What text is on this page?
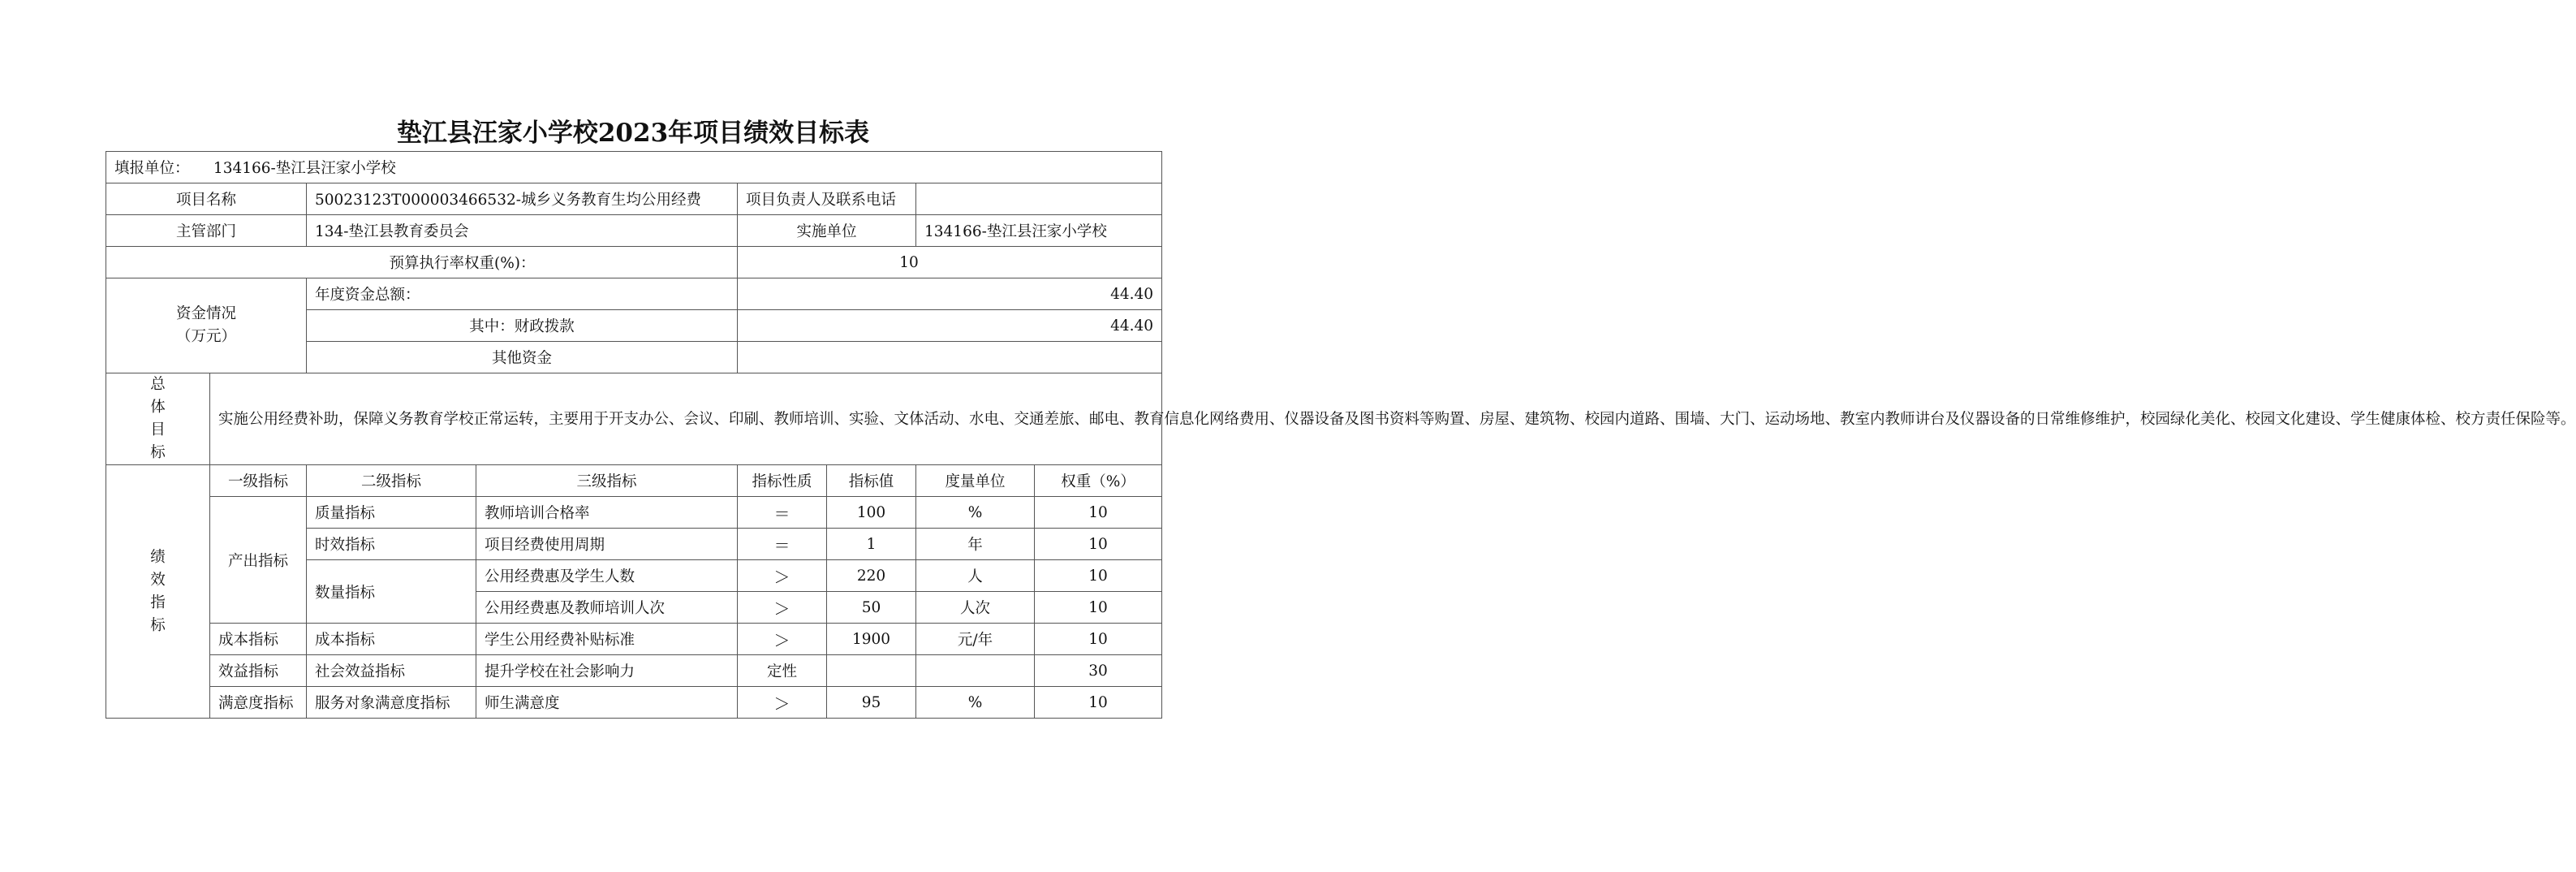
垫江县汪家小学校2023年项目绩效目标表
填报单位： 134166-垫江县汪家小学校							
项目名称		50023123T000003466532-城乡义务教育生均公用经费		项目负责人及联系电话			
主管部门		134-垫江县教育委员会		实施单位		134166-垫江县汪家小学校	
预算执行率权重(%)：				10			

资金情况
（万元）		年度资金总额：		44.40			
		其中：财政拨款		44.40			
		其他资金					

总
体
目
标	实施公用经费补助，保障义务教育学校正常运转，主要用于开支办公、会议、印刷、教师培训、实验、文体活动、水电、交通差旅、邮电、教育信息化网络费用、仪器设备及图书资料等购置、房屋、建筑物、校园内道路、围墙、大门、运动场地、教室内教师讲台及仪器设备的日常维修维护，校园绿化美化、校园文化建设、学生健康体检、校方责任保险等。						

绩
效
指
标	一级指标	二级指标	三级指标	指标性质	指标值	度量单位	权重（%）
	产出指标	质量指标	教师培训合格率	＝	100	%	10
		时效指标	项目经费使用周期	＝	1	年	10
		数量指标	公用经费惠及学生人数	＞	220	人	10
			公用经费惠及教师培训人次	＞	50	人次	10
	成本指标	成本指标	学生公用经费补贴标准	＞	1900	元/年	10
	效益指标	社会效益指标	提升学校在社会影响力	定性			30
	满意度指标	服务对象满意度指标	师生满意度	＞	95	%	10
